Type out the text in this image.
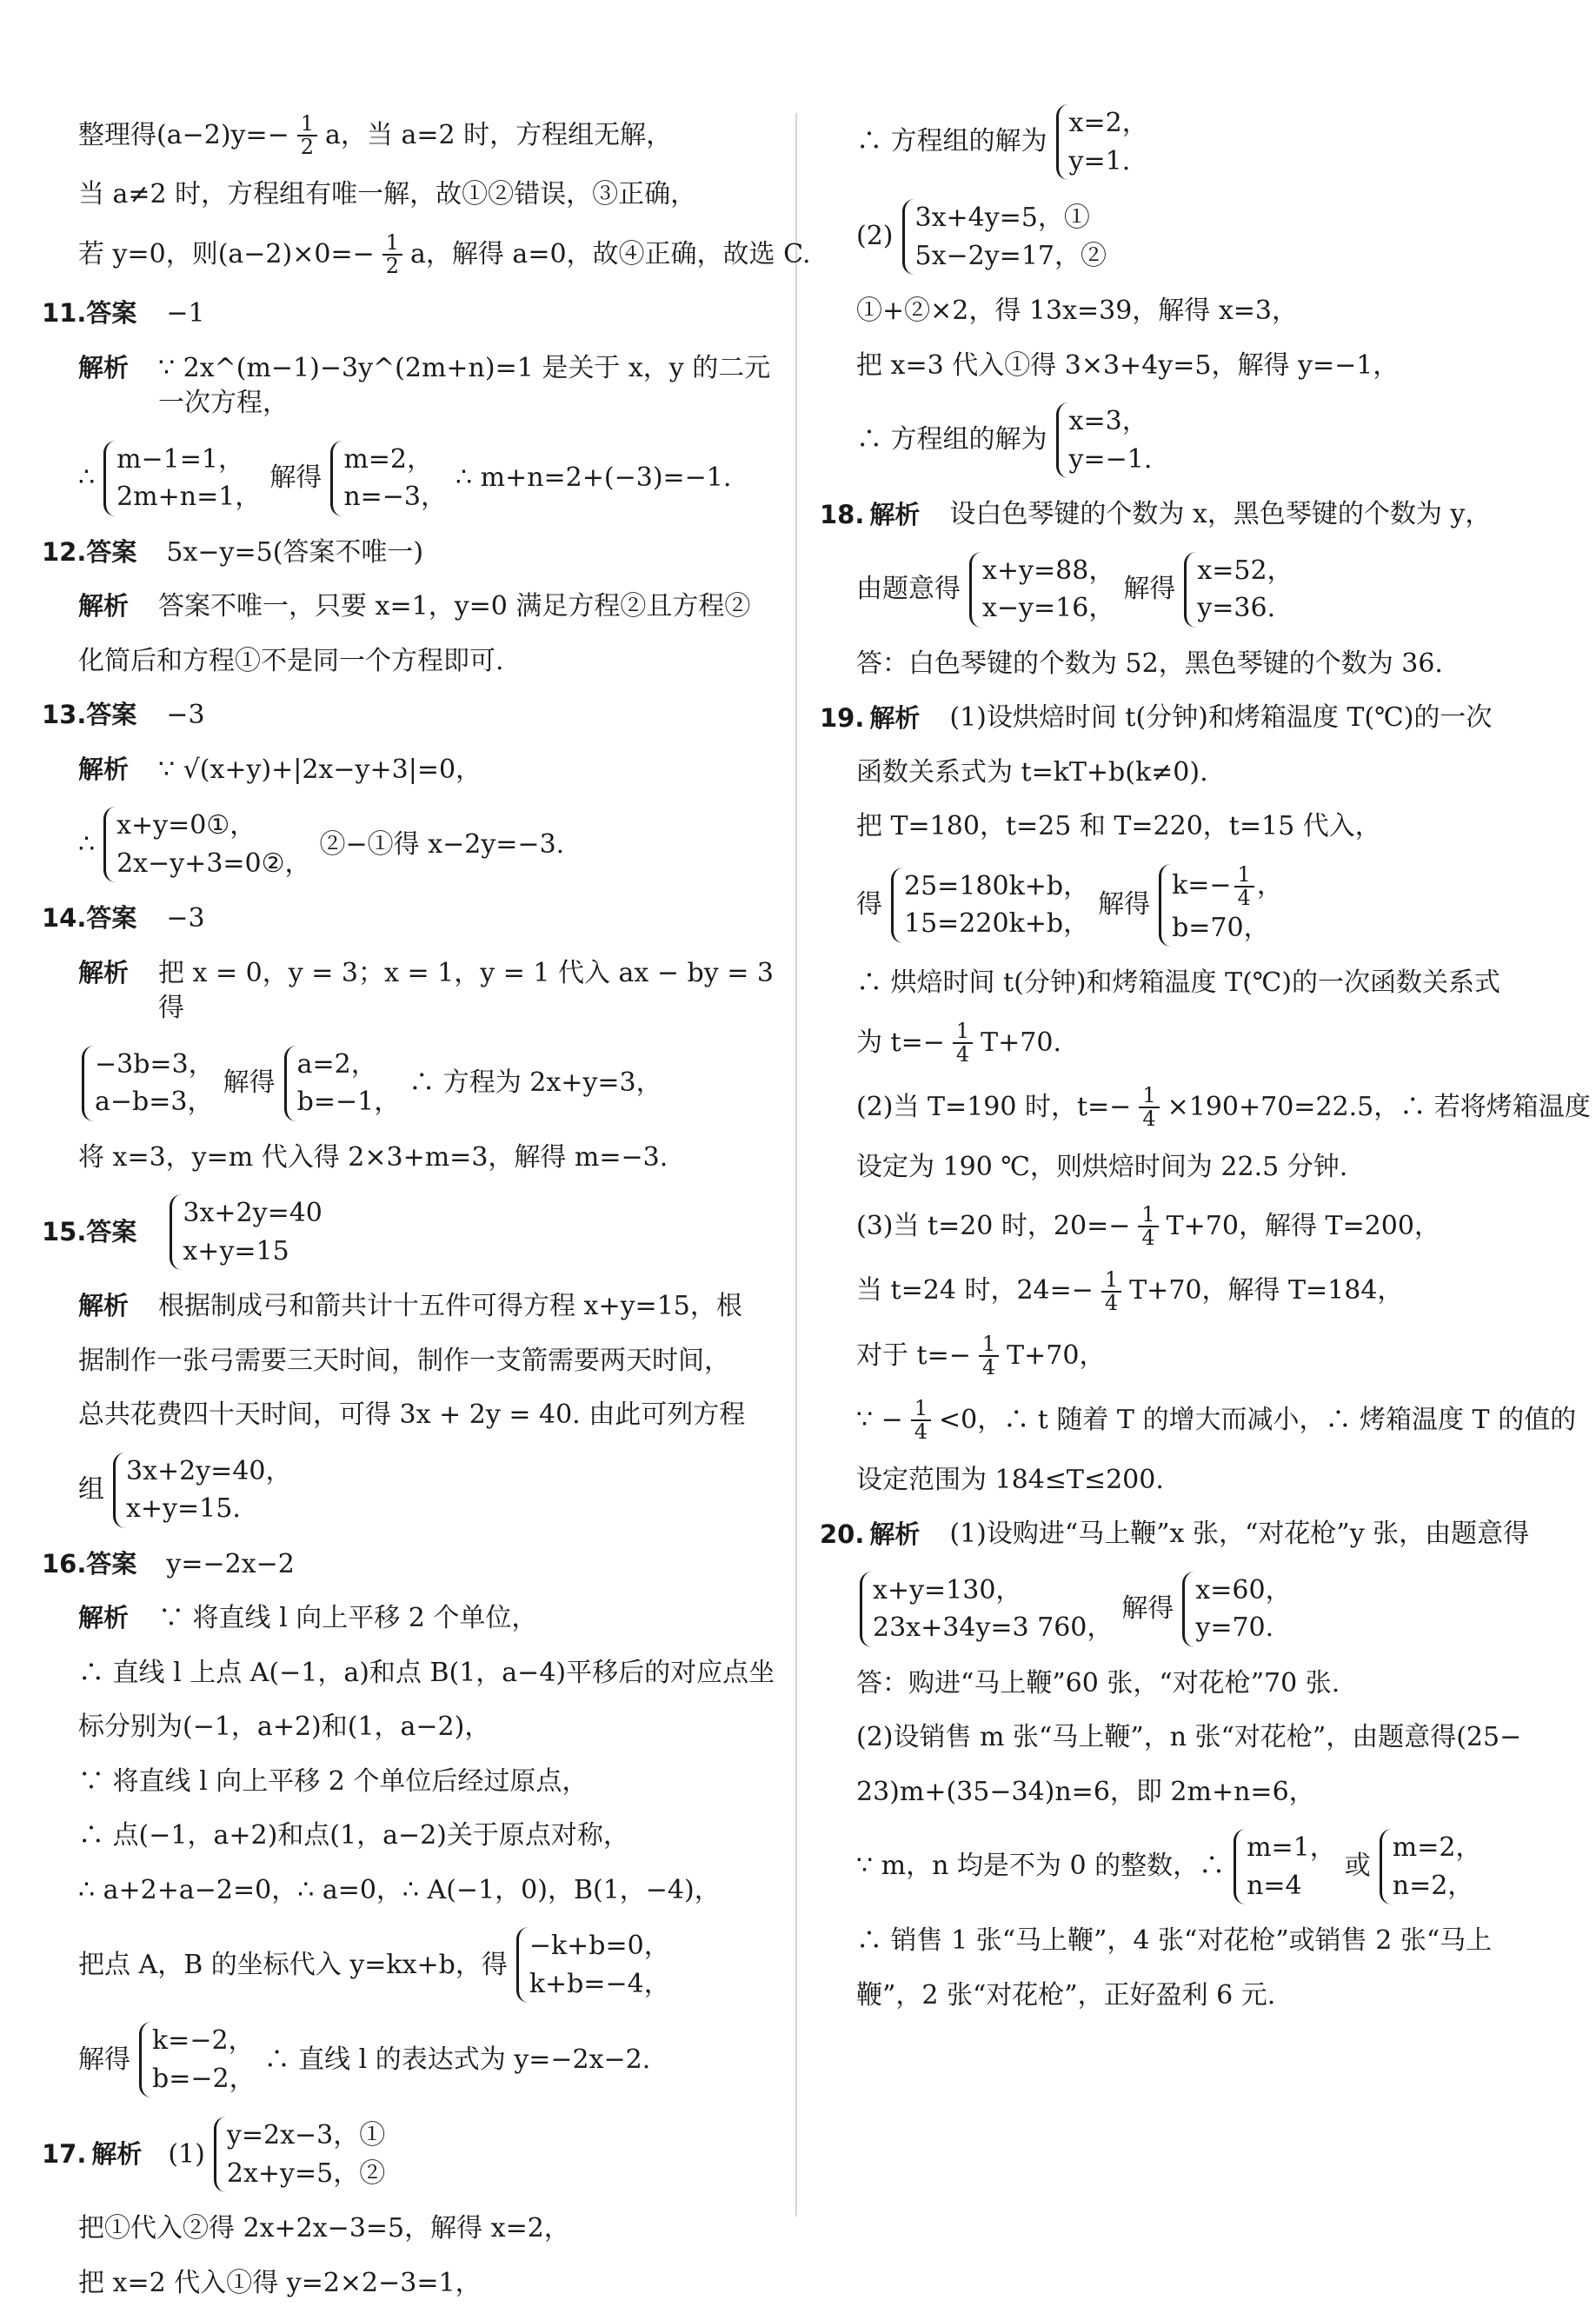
整理得$(a-2)y=- \frac{1}{2}$ a，当 a=2 时，方程组无解，
当 a≠2 时，方程组有唯一解，故①②错误，③正确，
若 y=0，则$(a-2)\times 0=- \frac{1}{2}$ a，解得 a=0，故④正确，故选 C.
11.答案 −1
解析 ∵ 2x^(m−1)−3y^(2m+n)=1 是关于 x，y 的二元一次方程，
∴
m−1=1，
2m+n=1，
解得
m=2，
n=−3，
∴ m+n=2+(−3)=−1.
12.答案 5x−y=5(答案不唯一)
解析 答案不唯一，只要 x=1，y=0 满足方程②且方程②
化简后和方程①不是同一个方程即可.
13.答案 −3
解析 ∵ √(x+y)+|2x−y+3|=0，
∴
x+y=0①，
2x−y+3=0②，
②−①得 x−2y=−3.
14.答案 −3
解析 把 x = 0，y = 3；x = 1，y = 1 代入 ax − by = 3 得
−3b=3，
a−b=3，
解得
a=2，
b=−1，
∴ 方程为 2x+y=3，
将 x=3，y=m 代入得 2×3+m=3，解得 m=−3.
15.答案
3x+2y=40
x+y=15
解析 根据制成弓和箭共计十五件可得方程 x+y=15，根
据制作一张弓需要三天时间，制作一支箭需要两天时间，
总共花费四十天时间，可得 3x + 2y = 40. 由此可列方程
组
3x+2y=40，
x+y=15.
16.答案 y=−2x−2
解析 ∵ 将直线 l 向上平移 2 个单位，
∴ 直线 l 上点 A(−1，a)和点 B(1，a−4)平移后的对应点坐
标分别为(−1，a+2)和(1，a−2)，
∵ 将直线 l 向上平移 2 个单位后经过原点，
∴ 点(−1，a+2)和点(1，a−2)关于原点对称，
∴ a+2+a−2=0，∴ a=0，∴ A(−1，0)，B(1，−4)，
把点 A，B 的坐标代入 y=kx+b，得
−k+b=0，
k+b=−4，
解得
k=−2，
b=−2，
∴ 直线 l 的表达式为 y=−2x−2.
17. 解析 (1)
y=2x−3，①
2x+y=5，②
把①代入②得 2x+2x−3=5，解得 x=2，
把 x=2 代入①得 y=2×2−3=1，
∴ 方程组的解为
x=2，
y=1.
(2)
3x+4y=5，①
5x−2y=17，②
①+②×2，得 13x=39，解得 x=3，
把 x=3 代入①得 3×3+4y=5，解得 y=−1，
∴ 方程组的解为
x=3，
y=−1.
18. 解析 设白色琴键的个数为 x，黑色琴键的个数为 y，
由题意得
x+y=88，
x−y=16，
解得
x=52，
y=36.
答：白色琴键的个数为 52，黑色琴键的个数为 36.
19. 解析 (1)设烘焙时间 t(分钟)和烤箱温度 T(℃)的一次
函数关系式为 t=kT+b(k≠0).
把 T=180，t=25 和 T=220，t=15 代入，
得
25=180k+b，
15=220k+b，
解得
$k=- \frac{1}{4}$ ，
b=70，
∴ 烘焙时间 t(分钟)和烤箱温度 T(℃)的一次函数关系式
为 $t=- \frac{1}{4} T+70$.
(2)当 T=190 时，$t=- \frac{1}{4} \times 190+70=22.5$，∴ 若将烤箱温度
设定为 190 ℃，则烘焙时间为 22.5 分钟.
(3)当 t=20 时，$20=- \frac{1}{4} T+70$，解得 T=200，
当 t=24 时，$24=- \frac{1}{4} T+70$，解得 T=184，
对于 $t=- \frac{1}{4} T+70$，
∵ − $\frac{1}{4} <0$，∴ t 随着 T 的增大而减小，∴ 烤箱温度 T 的值的
设定范围为 184≤T≤200.
20. 解析 (1)设购进“马上鞭”x 张，“对花枪”y 张，由题意得
x+y=130，
23x+34y=3 760，
解得
x=60，
y=70.
答：购进“马上鞭”60 张，“对花枪”70 张.
(2)设销售 m 张“马上鞭”，n 张“对花枪”，由题意得(25−
23)m+(35−34)n=6，即 2m+n=6，
∵ m，n 均是不为 0 的整数，∴
m=1，
n=4
或
m=2，
n=2，
∴ 销售 1 张“马上鞭”，4 张“对花枪”或销售 2 张“马上
鞭”，2 张“对花枪”，正好盈利 6 元.
